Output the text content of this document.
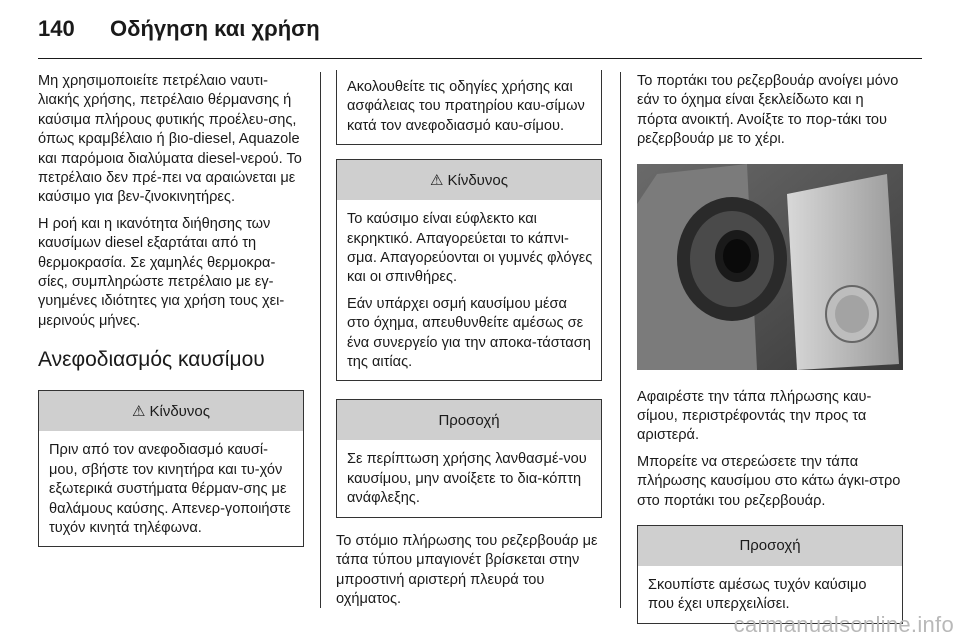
140	Οδήγηση και χρήση

Μη χρησιμοποιείτε πετρέλαιο ναυτι-λιακής χρήσης, πετρέλαιο θέρμανσης ή καύσιμα πλήρους φυτικής προέλευ-σης, όπως κραμβέλαιο ή βιο-diesel, Aquazole και παρόμοια διαλύματα diesel-νερού. Το πετρέλαιο δεν πρέ-πει να αραιώνεται με καύσιμο για βεν-ζινοκινητήρες.

Η ροή και η ικανότητα διήθησης των καυσίμων diesel εξαρτάται από τη θερμοκρασία. Σε χαμηλές θερμοκρα-σίες, συμπληρώστε πετρέλαιο με εγ-γυημένες ιδιότητες για χρήση τους χει-μερινούς μήνες.

Ανεφοδιασμός καυσίμου
⚠ Κίνδυνος

Πριν από τον ανεφοδιασμό καυσί-μου, σβήστε τον κινητήρα και τυ-χόν εξωτερικά συστήματα θέρμαν-σης με θαλάμους καύσης. Απενερ-γοποιήστε τυχόν κινητά τηλέφωνα.

Ακολουθείτε τις οδηγίες χρήσης και ασφάλειας του πρατηρίου καυ-σίμων κατά τον ανεφοδιασμό καυ-σίμου.

⚠ Κίνδυνος

Το καύσιμο είναι εύφλεκτο και εκρηκτικό. Απαγορεύεται το κάπνι-σμα. Απαγορεύονται οι γυμνές φλόγες και οι σπινθήρες.

Εάν υπάρχει οσμή καυσίμου μέσα στο όχημα, απευθυνθείτε αμέσως σε ένα συνεργείο για την αποκα-τάσταση της αιτίας.

Προσοχή

Σε περίπτωση χρήσης λανθασμέ-νου καυσίμου, μην ανοίξετε το δια-κόπτη ανάφλεξης.

Το στόμιο πλήρωσης του ρεζερβουάρ με τάπα τύπου μπαγιονέτ βρίσκεται στην μπροστινή αριστερή πλευρά του οχήματος.

Το πορτάκι του ρεζερβουάρ ανοίγει μόνο εάν το όχημα είναι ξεκλείδωτο και η πόρτα ανοικτή. Ανοίξτε το πορ-τάκι του ρεζερβουάρ με το χέρι.

Αφαιρέστε την τάπα πλήρωσης καυ-σίμου, περιστρέφοντάς την προς τα αριστερά.

Μπορείτε να στερεώσετε την τάπα πλήρωσης καυσίμου στο κάτω άγκι-στρο στο πορτάκι του ρεζερβουάρ.

Προσοχή

Σκουπίστε αμέσως τυχόν καύσιμο που έχει υπερχειλίσει.

carmanualsonline.info
